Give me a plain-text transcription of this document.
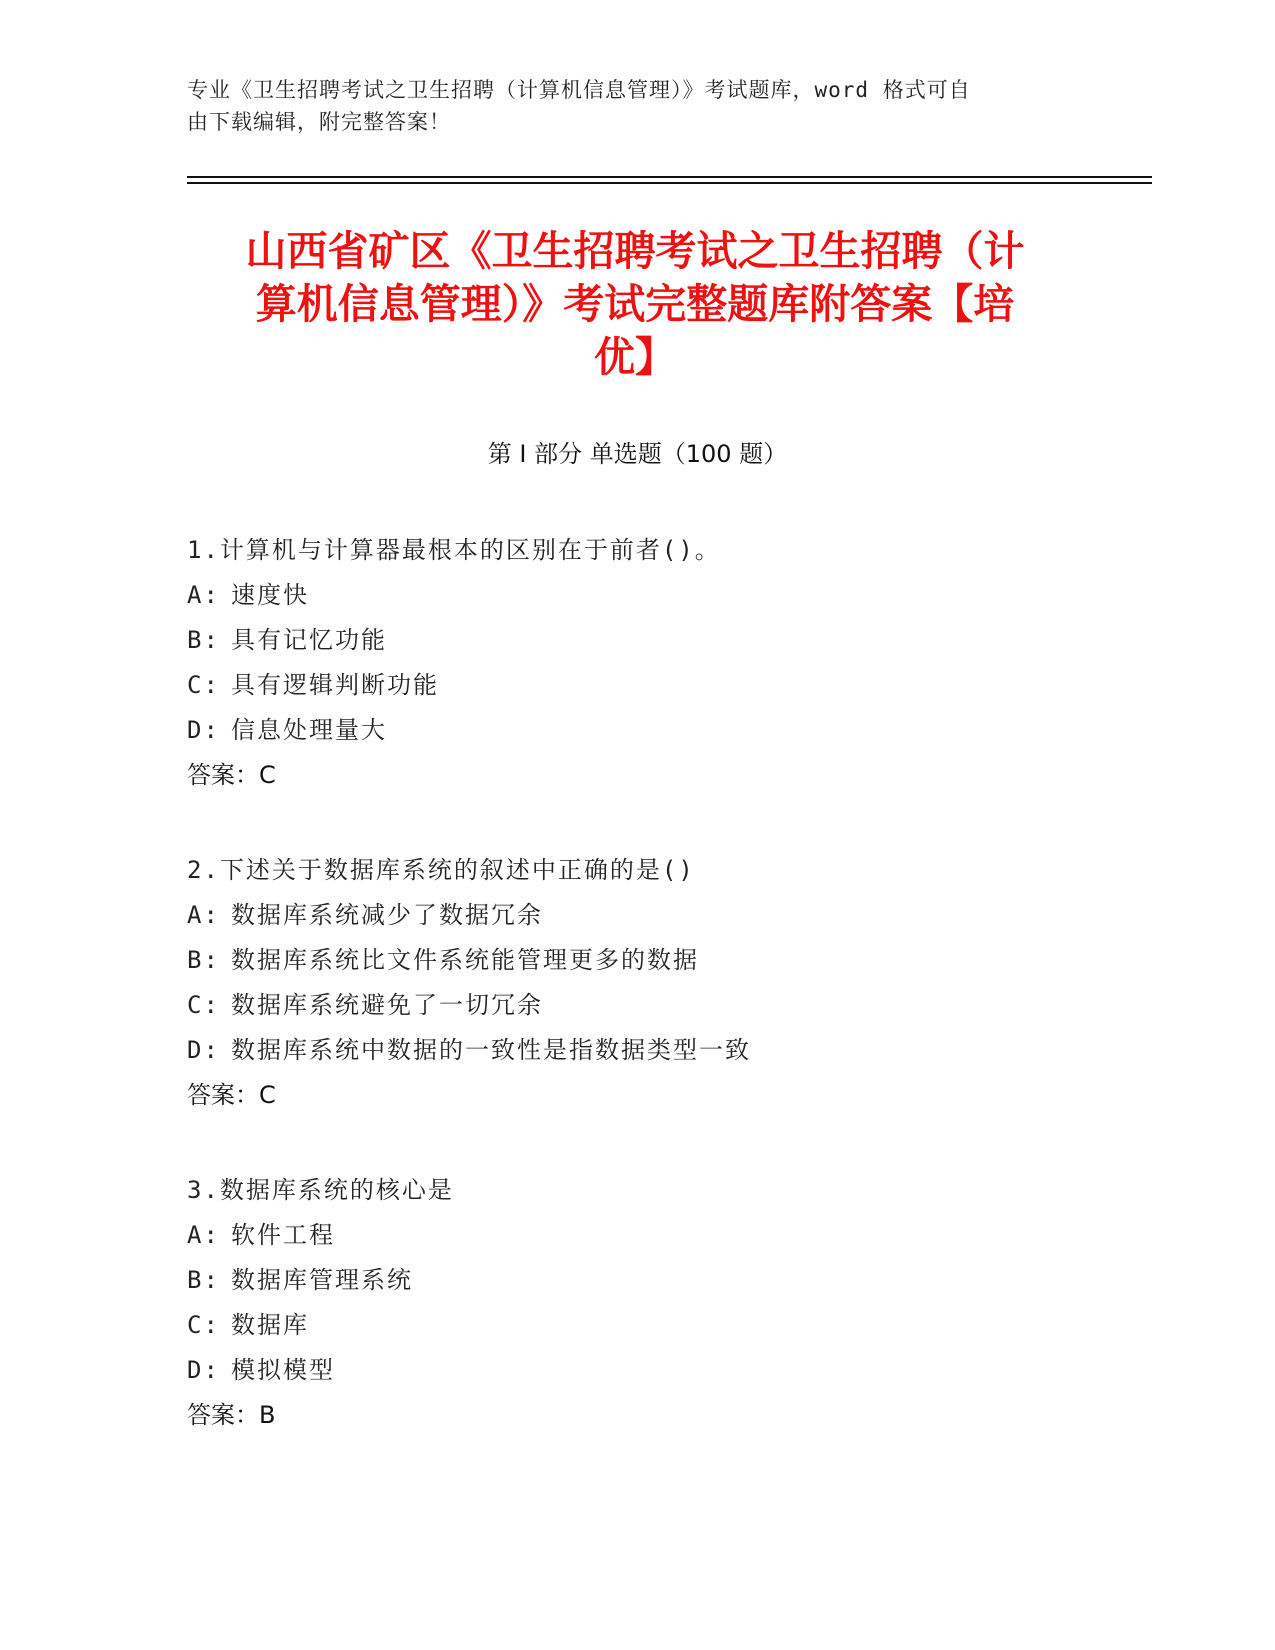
专业《卫生招聘考试之卫生招聘（计算机信息管理）》考试题库，word 格式可自
由下载编辑，附完整答案！
山西省矿区《卫生招聘考试之卫生招聘（计
算机信息管理）》考试完整题库附答案【培
优】
第 I 部分 单选题（100 题）
1.计算机与计算器最根本的区别在于前者()。
A: 速度快
B: 具有记忆功能
C: 具有逻辑判断功能
D: 信息处理量大
答案：C
2.下述关于数据库系统的叙述中正确的是()
A: 数据库系统减少了数据冗余
B: 数据库系统比文件系统能管理更多的数据
C: 数据库系统避免了一切冗余
D: 数据库系统中数据的一致性是指数据类型一致
答案：C
3.数据库系统的核心是
A: 软件工程
B: 数据库管理系统
C: 数据库
D: 模拟模型
答案：B
